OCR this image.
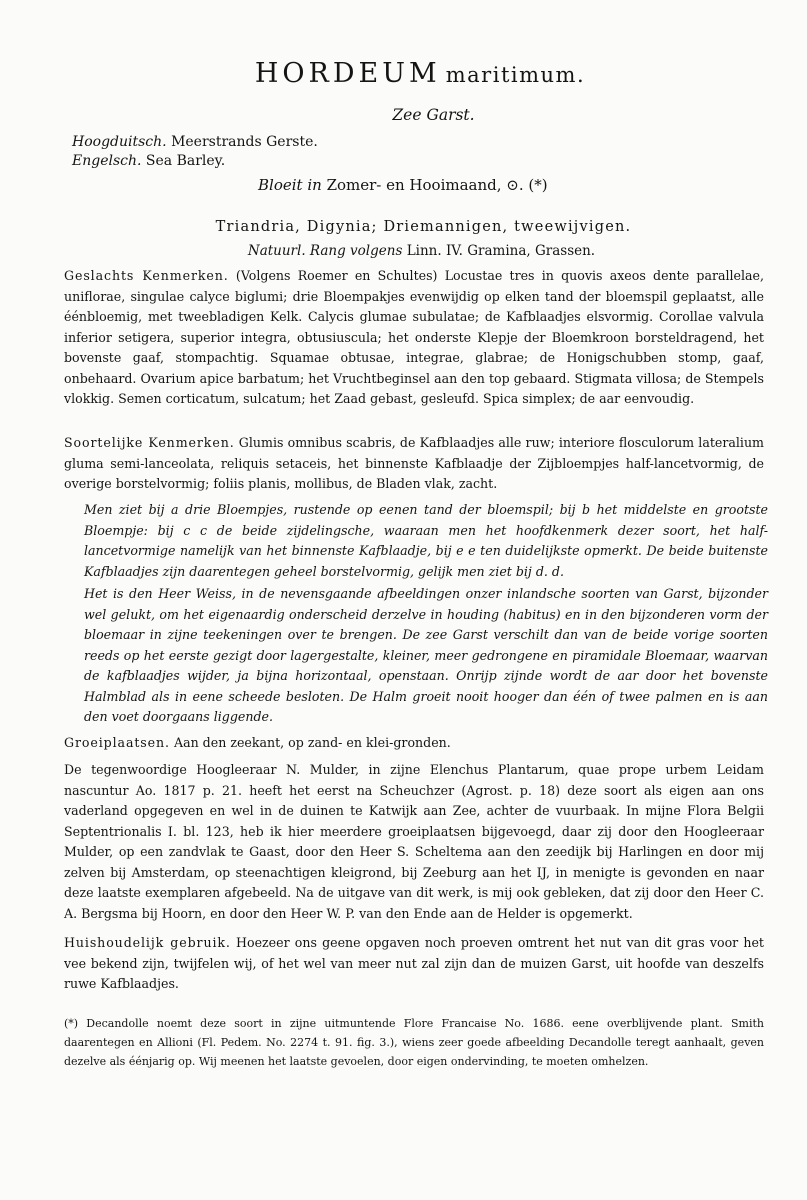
HORDEUM maritimum.
Zee Garst.
Hoogduitsch. Meerstrands Gerste.
Engelsch. Sea Barley.
Bloeit in Zomer- en Hooimaand, ⊙. (*)
Triandria, Digynia; Driemannigen, tweewijvigen.
Natuurl. Rang volgens Linn. IV. Gramina, Grassen.

Geslachts Kenmerken. (Volgens Roemer en Schultes) Locustae tres in quovis axeos dente parallelae, uniflorae, singulae calyce biglumi; drie Bloempakjes evenwijdig op elken tand der bloemspil geplaatst, alle éénbloemig, met tweebladigen Kelk. Calycis glumae subulatae; de Kafblaadjes elsvormig. Corollae valvula inferior setigera, superior integra, obtusiuscula; het onderste Klepje der Bloemkroon borsteldragend, het bovenste gaaf, stompachtig. Squamae obtusae, integrae, glabrae; de Honigschubben stomp, gaaf, onbehaard. Ovarium apice barbatum; het Vruchtbeginsel aan den top gebaard. Stigmata villosa; de Stempels vlokkig. Semen corticatum, sulcatum; het Zaad gebast, gesleufd. Spica simplex; de aar eenvoudig.

Soortelijke Kenmerken. Glumis omnibus scabris, de Kafblaadjes alle ruw; interiore flosculorum lateralium gluma semi-lanceolata, reliquis setaceis, het binnenste Kafblaadje der Zijbloempjes half-lancetvormig, de overige borstelvormig; foliis planis, mollibus, de Bladen vlak, zacht.

Men ziet bij a drie Bloempjes, rustende op eenen tand der bloemspil; bij b het middelste en grootste Bloempje: bij c c de beide zijdelingsche, waaraan men het hoofdkenmerk dezer soort, het half-lancetvormige namelijk van het binnenste Kafblaadje, bij e e ten duidelijkste opmerkt. De beide buitenste Kafblaadjes zijn daarentegen geheel borstelvormig, gelijk men ziet bij d. d.

Het is den Heer Weiss, in de nevensgaande afbeeldingen onzer inlandsche soorten van Garst, bijzonder wel gelukt, om het eigenaardig onderscheid derzelve in houding (habitus) en in den bijzonderen vorm der bloemaar in zijne teekeningen over te brengen. De zee Garst verschilt dan van de beide vorige soorten reeds op het eerste gezigt door lagergestalte, kleiner, meer gedrongene en piramidale Bloemaar, waarvan de kafblaadjes wijder, ja bijna horizontaal, openstaan. Onrijp zijnde wordt de aar door het bovenste Halmblad als in eene scheede besloten. De Halm groeit nooit hooger dan één of twee palmen en is aan den voet doorgaans liggende.

Groeiplaatsen. Aan den zeekant, op zand- en klei-gronden.

De tegenwoordige Hoogleeraar N. Mulder, in zijne Elenchus Plantarum, quae prope urbem Leidam nascuntur Ao. 1817 p. 21. heeft het eerst na Scheuchzer (Agrost. p. 18) deze soort als eigen aan ons vaderland opgegeven en wel in de duinen te Katwijk aan Zee, achter de vuurbaak. In mijne Flora Belgii Septentrionalis I. bl. 123, heb ik hier meerdere groeiplaatsen bijgevoegd, daar zij door den Hoogleeraar Mulder, op een zandvlak te Gaast, door den Heer S. Scheltema aan den zeedijk bij Harlingen en door mij zelven bij Amsterdam, op steenachtigen kleigrond, bij Zeeburg aan het IJ, in menigte is gevonden en naar deze laatste exemplaren afgebeeld. Na de uitgave van dit werk, is mij ook gebleken, dat zij door den Heer C. A. Bergsma bij Hoorn, en door den Heer W. P. van den Ende aan de Helder is opgemerkt.

Huishoudelijk gebruik. Hoezeer ons geene opgaven noch proeven omtrent het nut van dit gras voor het vee bekend zijn, twijfelen wij, of het wel van meer nut zal zijn dan de muizen Garst, uit hoofde van deszelfs ruwe Kafblaadjes.

(*) Decandolle noemt deze soort in zijne uitmuntende Flore Francaise No. 1686. eene overblijvende plant. Smith daarentegen en Allioni (Fl. Pedem. No. 2274 t. 91. fig. 3.), wiens zeer goede afbeelding Decandolle teregt aanhaalt, geven dezelve als éénjarig op. Wij meenen het laatste gevoelen, door eigen ondervinding, te moeten omhelzen.
